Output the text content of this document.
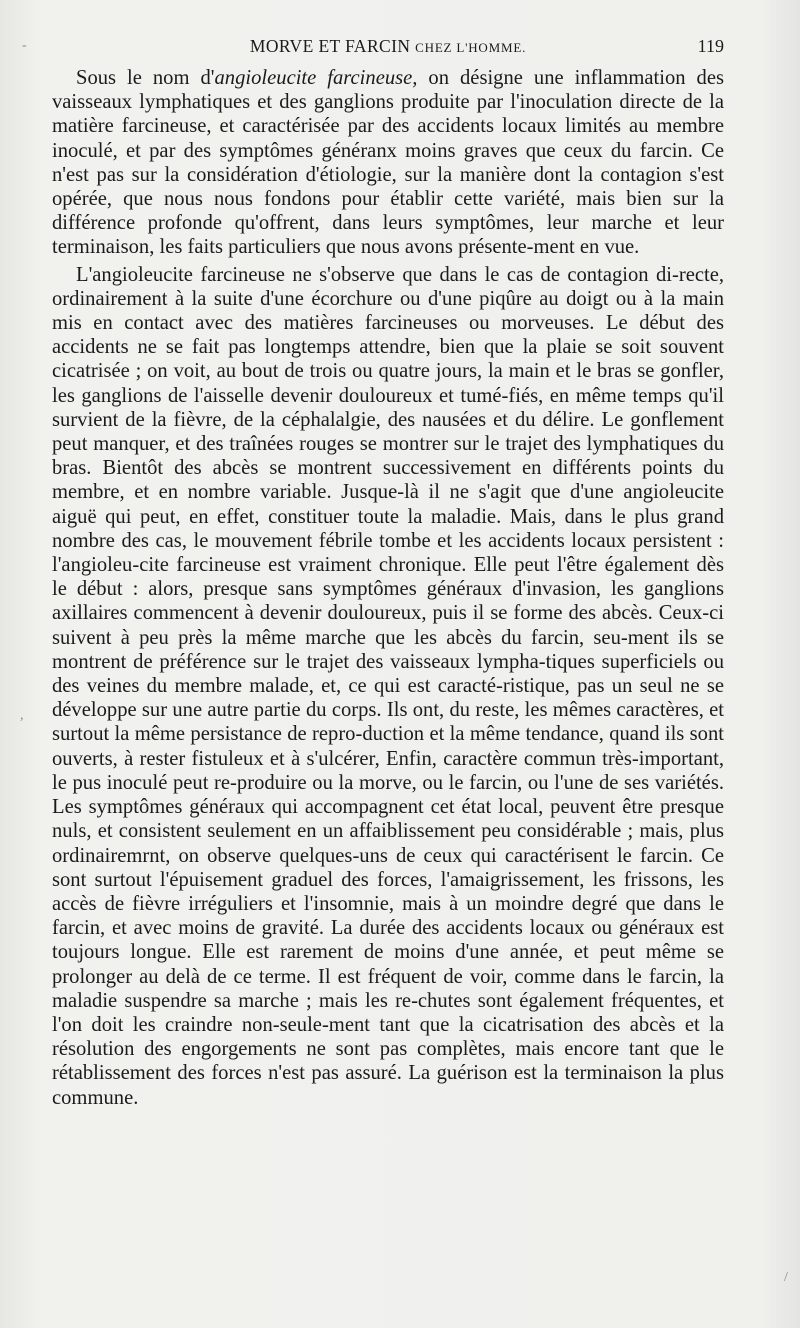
MORVE ET FARCIN CHEZ L'HOMME.	119

Sous le nom d'angioleucite farcineuse, on désigne une inflammation des vaisseaux lymphatiques et des ganglions produite par l'inoculation directe de la matière farcineuse, et caractérisée par des accidents locaux limités au membre inoculé, et par des symptômes généranx moins graves que ceux du farcin. Ce n'est pas sur la considération d'étiologie, sur la manière dont la contagion s'est opérée, que nous nous fondons pour établir cette variété, mais bien sur la différence profonde qu'offrent, dans leurs symptômes, leur marche et leur terminaison, les faits particuliers que nous avons présente-ment en vue.

L'angioleucite farcineuse ne s'observe que dans le cas de contagion di-recte, ordinairement à la suite d'une écorchure ou d'une piqûre au doigt ou à la main mis en contact avec des matières farcineuses ou morveuses. Le début des accidents ne se fait pas longtemps attendre, bien que la plaie se soit souvent cicatrisée ; on voit, au bout de trois ou quatre jours, la main et le bras se gonfler, les ganglions de l'aisselle devenir douloureux et tumé-fiés, en même temps qu'il survient de la fièvre, de la céphalalgie, des nausées et du délire. Le gonflement peut manquer, et des traînées rouges se montrer sur le trajet des lymphatiques du bras. Bientôt des abcès se montrent successivement en différents points du membre, et en nombre variable. Jusque-là il ne s'agit que d'une angioleucite aiguë qui peut, en effet, constituer toute la maladie. Mais, dans le plus grand nombre des cas, le mouvement fébrile tombe et les accidents locaux persistent : l'angioleu-cite farcineuse est vraiment chronique. Elle peut l'être également dès le début : alors, presque sans symptômes généraux d'invasion, les ganglions axillaires commencent à devenir douloureux, puis il se forme des abcès. Ceux-ci suivent à peu près la même marche que les abcès du farcin, seu-ment ils se montrent de préférence sur le trajet des vaisseaux lympha-tiques superficiels ou des veines du membre malade, et, ce qui est caracté-ristique, pas un seul ne se développe sur une autre partie du corps. Ils ont, du reste, les mêmes caractères, et surtout la même persistance de repro-duction et la même tendance, quand ils sont ouverts, à rester fistuleux et à s'ulcérer, Enfin, caractère commun très-important, le pus inoculé peut re-produire ou la morve, ou le farcin, ou l'une de ses variétés. Les symptômes généraux qui accompagnent cet état local, peuvent être presque nuls, et consistent seulement en un affaiblissement peu considérable ; mais, plus ordinairemrnt, on observe quelques-uns de ceux qui caractérisent le farcin. Ce sont surtout l'épuisement graduel des forces, l'amaigrissement, les frissons, les accès de fièvre irréguliers et l'insomnie, mais à un moindre degré que dans le farcin, et avec moins de gravité. La durée des accidents locaux ou généraux est toujours longue. Elle est rarement de moins d'une année, et peut même se prolonger au delà de ce terme. Il est fréquent de voir, comme dans le farcin, la maladie suspendre sa marche ; mais les re-chutes sont également fréquentes, et l'on doit les craindre non-seule-ment tant que la cicatrisation des abcès et la résolution des engorgements ne sont pas complètes, mais encore tant que le rétablissement des forces n'est pas assuré. La guérison est la terminaison la plus commune.

-
,
/
